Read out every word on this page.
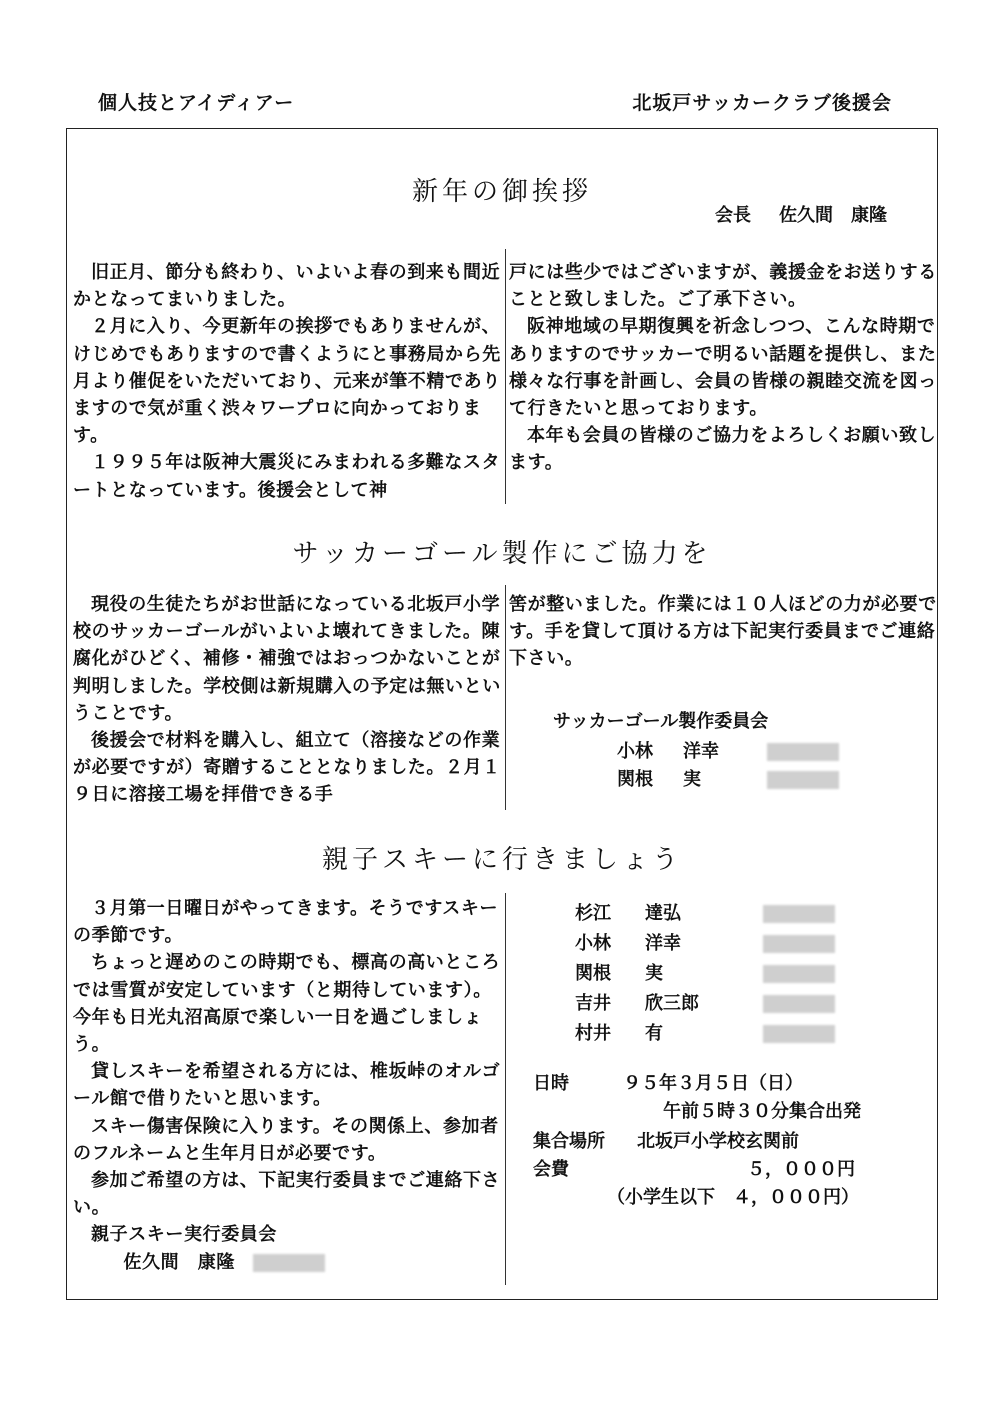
個人技とアイディアー	北坂戸サッカークラブ後援会
新年の御挨拶
会長 佐久間　康隆

旧正月、節分も終わり、いよいよ春の到来も間近かとなってまいりました。

２月に入り、今更新年の挨拶でもありませんが、けじめでもありますので書くようにと事務局から先月より催促をいただいており、元来が筆不精でありますので気が重く渋々ワープロに向かっております。

１９９５年は阪神大震災にみまわれる多難なスタートとなっています。後援会として神

戸には些少ではございますが、義援金をお送りすることと致しました。ご了承下さい。

阪神地域の早期復興を祈念しつつ、こんな時期でありますのでサッカーで明るい話題を提供し、また様々な行事を計画し、会員の皆様の親睦交流を図って行きたいと思っております。

本年も会員の皆様のご協力をよろしくお願い致します。

サッカーゴール製作にご協力を

現役の生徒たちがお世話になっている北坂戸小学校のサッカーゴールがいよいよ壊れてきました。陳腐化がひどく、補修・補強ではおっつかないことが判明しました。学校側は新規購入の予定は無いということです。

後援会で材料を購入し、組立て（溶接などの作業が必要ですが）寄贈することとなりました。２月１９日に溶接工場を拝借できる手

筈が整いました。作業には１０人ほどの力が必要です。手を貸して頂ける方は下記実行委員までご連絡下さい。

サッカーゴール製作委員会
小林 洋幸
関根 実
親子スキーに行きましょう

３月第一日曜日がやってきます。そうですスキーの季節です。

ちょっと遅めのこの時期でも、標高の高いところでは雪質が安定しています（と期待しています）。今年も日光丸沼高原で楽しい一日を過ごしましょう。

貸しスキーを希望される方には、椎坂峠のオルゴール館で借りたいと思います。

スキー傷害保険に入ります。その関係上、参加者のフルネームと生年月日が必要です。

参加ご希望の方は、下記実行委員までご連絡下さい。

親子スキー実行委員会

佐久間　康隆

杉江 達弘
小林 洋幸
関根 実
吉井 欣三郎
村井 有
日時	９５年３月５日（日）
午前５時３０分集合出発
集合場所 北坂戸小学校玄関前
会費	５，０００円
（小学生以下　４，０００円）
